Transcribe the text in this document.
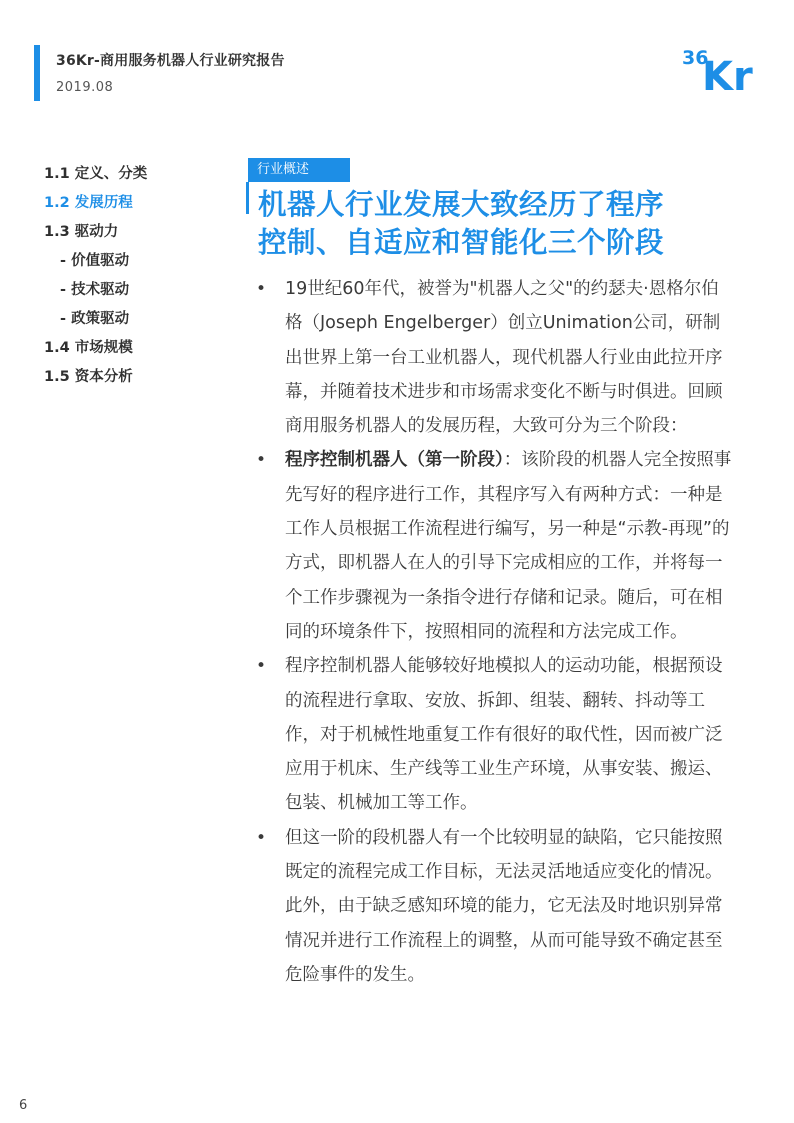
36Kr-商用服务机器人行业研究报告
2019.08
36
Kr
1.1 定义、分类
1.2 发展历程
1.3 驱动力
- 价值驱动
- 技术驱动
- 政策驱动
1.4 市场规模
1.5 资本分析
行业概述
机器人行业发展大致经历了程序
控制、自适应和智能化三个阶段

• 19世纪60年代，被誉为"机器人之父"的约瑟夫·恩格尔伯格（Joseph Engelberger）创立Unimation公司，研制出世界上第一台工业机器人，现代机器人行业由此拉开序幕，并随着技术进步和市场需求变化不断与时俱进。回顾商用服务机器人的发展历程，大致可分为三个阶段：

• 程序控制机器人（第一阶段）：该阶段的机器人完全按照事先写好的程序进行工作，其程序写入有两种方式：一种是工作人员根据工作流程进行编写，另一种是“示教-再现”的方式，即机器人在人的引导下完成相应的工作，并将每一个工作步骤视为一条指令进行存储和记录。随后，可在相同的环境条件下，按照相同的流程和方法完成工作。

• 程序控制机器人能够较好地模拟人的运动功能，根据预设的流程进行拿取、安放、拆卸、组装、翻转、抖动等工作，对于机械性地重复工作有很好的取代性，因而被广泛应用于机床、生产线等工业生产环境，从事安装、搬运、包装、机械加工等工作。

• 但这一阶的段机器人有一个比较明显的缺陷，它只能按照既定的流程完成工作目标，无法灵活地适应变化的情况。此外，由于缺乏感知环境的能力，它无法及时地识别异常情况并进行工作流程上的调整，从而可能导致不确定甚至危险事件的发生。

6
